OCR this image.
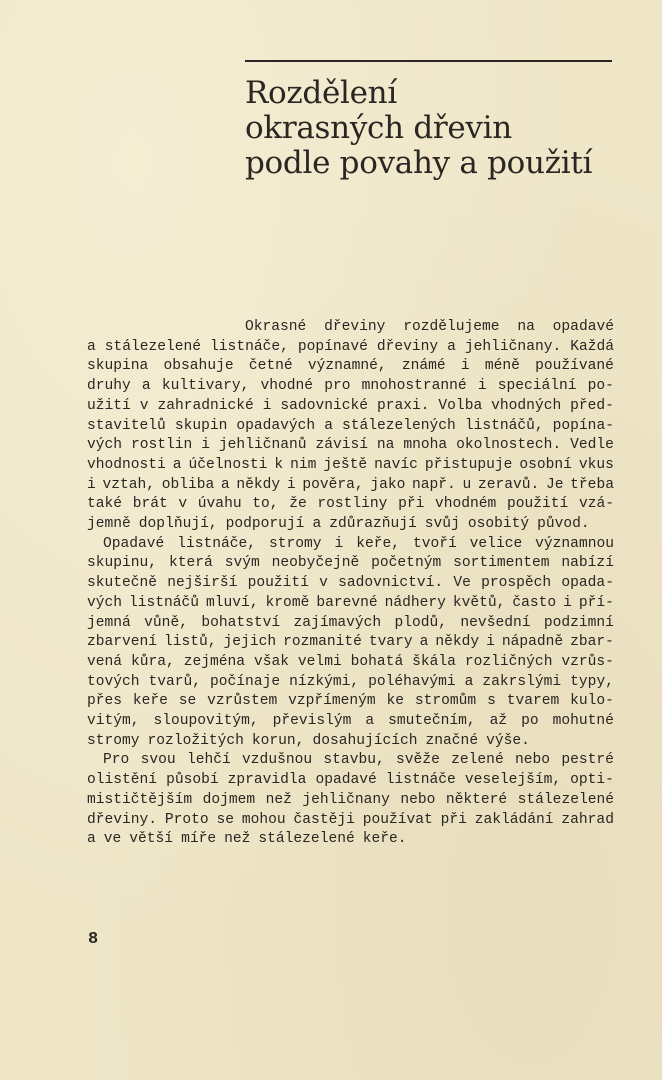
Rozdělení
okrasných dřevin
podle povahy a použití
Okrasné dřeviny rozdělujeme na opadavé
a stálezelené listnáče, popínavé dřeviny a jehličnany. Každá
skupina obsahuje četné významné, známé i méně používané
druhy a kultivary, vhodné pro mnohostranné i speciální po-
užití v zahradnické i sadovnické praxi. Volba vhodných před-
stavitelů skupin opadavých a stálezelených listnáčů, popína-
vých rostlin i jehličnanů závisí na mnoha okolnostech. Vedle
vhodnosti a účelnosti k nim ještě navíc přistupuje osobní vkus
i vztah, obliba a někdy i pověra, jako např. u zeravů. Je třeba
také brát v úvahu to, že rostliny při vhodném použití vzá-
jemně doplňují, podporují a zdůrazňují svůj osobitý původ.
Opadavé listnáče, stromy i keře, tvoří velice významnou
skupinu, která svým neobyčejně početným sortimentem nabízí
skutečně nejširší použití v sadovnictví. Ve prospěch opada-
vých listnáčů mluví, kromě barevné nádhery květů, často i pří-
jemná vůně, bohatství zajímavých plodů, nevšední podzimní
zbarvení listů, jejich rozmanité tvary a někdy i nápadně zbar-
vená kůra, zejména však velmi bohatá škála rozličných vzrůs-
tových tvarů, počínaje nízkými, poléhavými a zakrslými typy,
přes keře se vzrůstem vzpřímeným ke stromům s tvarem kulo-
vitým, sloupovitým, převislým a smutečním, až po mohutné
stromy rozložitých korun, dosahujících značné výše.
Pro svou lehčí vzdušnou stavbu, svěže zelené nebo pestré
olistění působí zpravidla opadavé listnáče veselejším, opti-
mističtějším dojmem než jehličnany nebo některé stálezelené
dřeviny. Proto se mohou častěji používat při zakládání zahrad
a ve větší míře než stálezelené keře.
8
